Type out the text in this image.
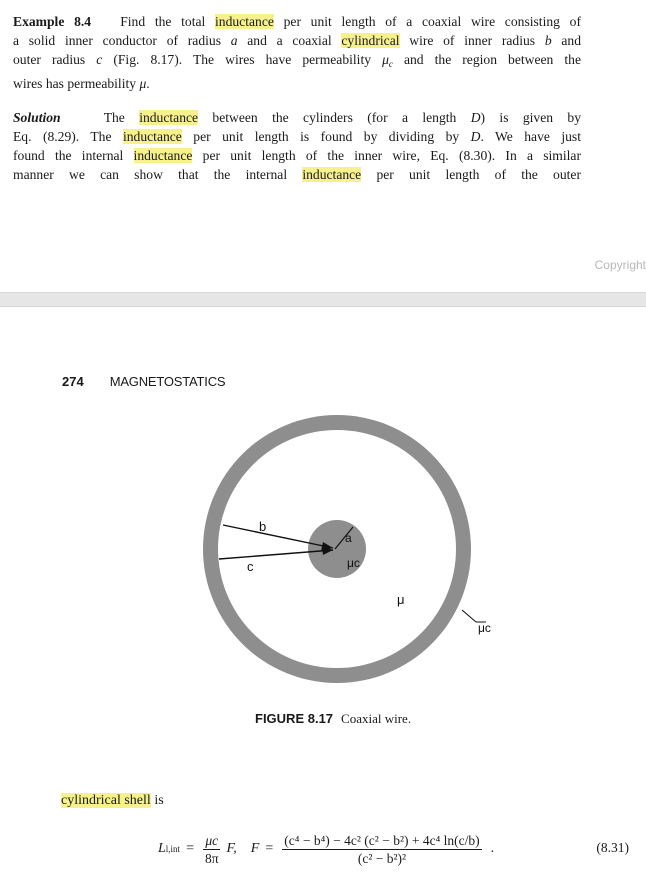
Example 8.4 Find the total inductance per unit length of a coaxial wire consisting of
a solid inner conductor of radius a and a coaxial cylindrical wire of inner radius b and
outer radius c (Fig. 8.17). The wires have permeability $\mu_c$ and the region between the
wires has permeability μ.
Solution	The inductance between the cylinders (for a length D) is given by
Eq. (8.29). The inductance per unit length is found by dividing by D. We have just
found the internal inductance per unit length of the inner wire, Eq. (8.30). In a similar
manner we can show that the internal inductance per unit length of the outer
Copyright
274 MAGNETOSTATICS
b
c
a
μc
μ
μc
FIGURE 8.17 Coaxial wire.
cylindrical shell is
L $l,int = \frac{\mu c}{8\pi} F$, $F = \frac{\text{(c⁴ − b⁴) − 4c² (c² − b²) + 4c⁴ ln(c/b)}}{\text{(c² − b²)²}}$ .	(8.31)
